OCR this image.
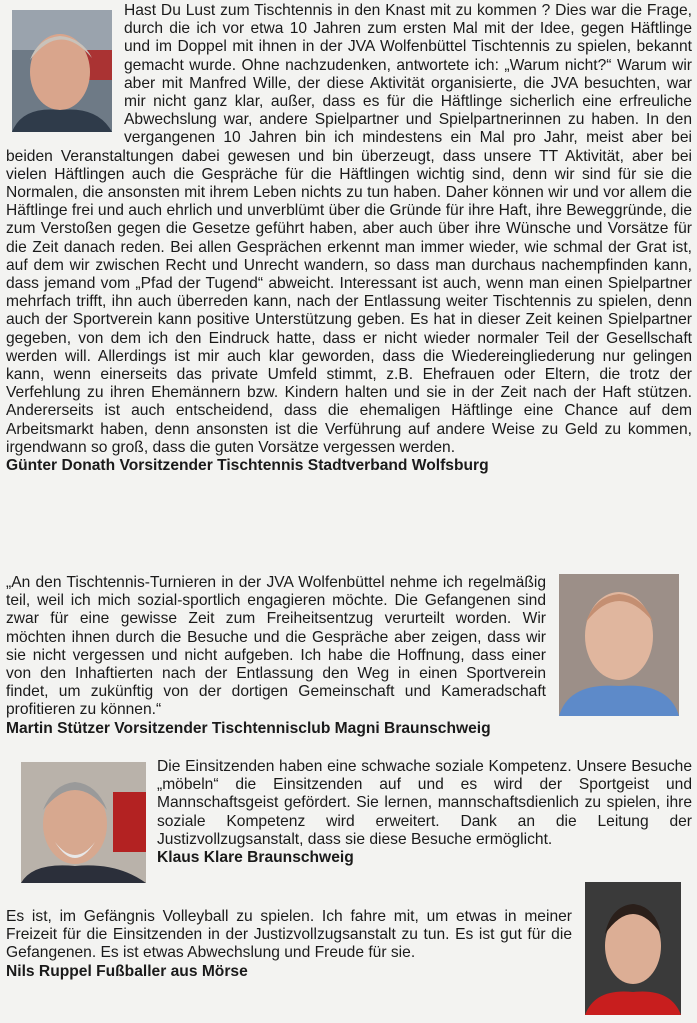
Hast Du Lust zum Tischtennis in den Knast mit zu kommen ? Dies war die Frage, durch die ich vor etwa 10 Jahren zum ersten Mal mit der Idee, gegen Häftlinge und im Doppel mit ihnen in der JVA Wolfenbüttel Tischtennis zu spielen, bekannt gemacht wurde. Ohne nachzudenken, antwortete ich: „Warum nicht?“ Warum wir aber mit Manfred Wille, der diese Aktivität organisierte, die JVA besuchten, war mir nicht ganz klar, außer, dass es für die Häftlinge sicherlich eine erfreuliche Abwechslung war, andere Spielpartner und Spielpartnerinnen zu haben. In den vergangenen 10 Jahren bin ich mindestens ein Mal pro Jahr, meist aber bei beiden Veranstaltungen dabei gewesen und bin überzeugt, dass unsere TT Aktivität, aber bei vielen Häftlingen auch die Gespräche für die Häftlingen wichtig sind, denn wir sind für sie die Normalen, die ansonsten mit ihrem Leben nichts zu tun haben. Daher können wir und vor allem die Häftlinge frei und auch ehrlich und unverblümt über die Gründe für ihre Haft, ihre Beweggründe, die zum Verstoßen gegen die Gesetze geführt haben, aber auch über ihre Wünsche und Vorsätze für die Zeit danach reden. Bei allen Gesprächen erkennt man immer wieder, wie schmal der Grat ist, auf dem wir zwischen Recht und Unrecht wandern, so dass man durchaus nachempfinden kann, dass jemand vom „Pfad der Tugend“ abweicht. Interessant ist auch, wenn man einen Spielpartner mehrfach trifft, ihn auch überreden kann, nach der Entlassung weiter Tischtennis zu spielen, denn auch der Sportverein kann positive Unterstützung geben. Es hat in dieser Zeit keinen Spielpartner gegeben, von dem ich den Eindruck hatte, dass er nicht wieder normaler Teil der Gesellschaft werden will. Allerdings ist mir auch klar geworden, dass die Wiedereingliederung nur gelingen kann, wenn einerseits das private Umfeld stimmt, z.B. Ehefrauen oder Eltern, die trotz der Verfehlung zu ihren Ehemännern bzw. Kindern halten und sie in der Zeit nach der Haft stützen. Andererseits ist auch entscheidend, dass die ehemaligen Häftlinge eine Chance auf dem Arbeitsmarkt haben, denn ansonsten ist die Verführung auf andere Weise zu Geld zu kommen, irgendwann so groß, dass die guten Vorsätze vergessen werden.

Günter Donath Vorsitzender Tischtennis Stadtverband Wolfsburg

„An den Tischtennis-Turnieren in der JVA Wolfenbüttel nehme ich regelmäßig teil, weil ich mich sozial-sportlich engagieren möchte. Die Gefangenen sind zwar für eine gewisse Zeit zum Freiheitsentzug verurteilt worden. Wir möchten ihnen durch die Besuche und die Gespräche aber zeigen, dass wir sie nicht vergessen und nicht aufgeben. Ich habe die Hoffnung, dass einer von den Inhaftierten nach der Entlassung den Weg in einen Sportverein findet, um zukünftig von der dortigen Gemeinschaft und Kameradschaft profitieren zu können.“

Martin Stützer Vorsitzender Tischtennisclub Magni Braunschweig

Die Einsitzenden haben eine schwache soziale Kompetenz. Unsere Besuche „möbeln“ die Einsitzenden auf und es wird der Sportgeist und Mannschaftsgeist gefördert. Sie lernen, mannschaftsdienlich zu spielen, ihre soziale Kompetenz wird erweitert. Dank an die Leitung der Justizvollzugsanstalt, dass sie diese Besuche ermöglicht.

Klaus Klare Braunschweig

Es ist, im Gefängnis Volleyball zu spielen. Ich fahre mit, um etwas in meiner Freizeit für die Einsitzenden in der Justizvollzugsanstalt zu tun. Es ist gut für die Gefangenen. Es ist etwas Abwechslung und Freude für sie.

Nils Ruppel Fußballer aus Mörse
